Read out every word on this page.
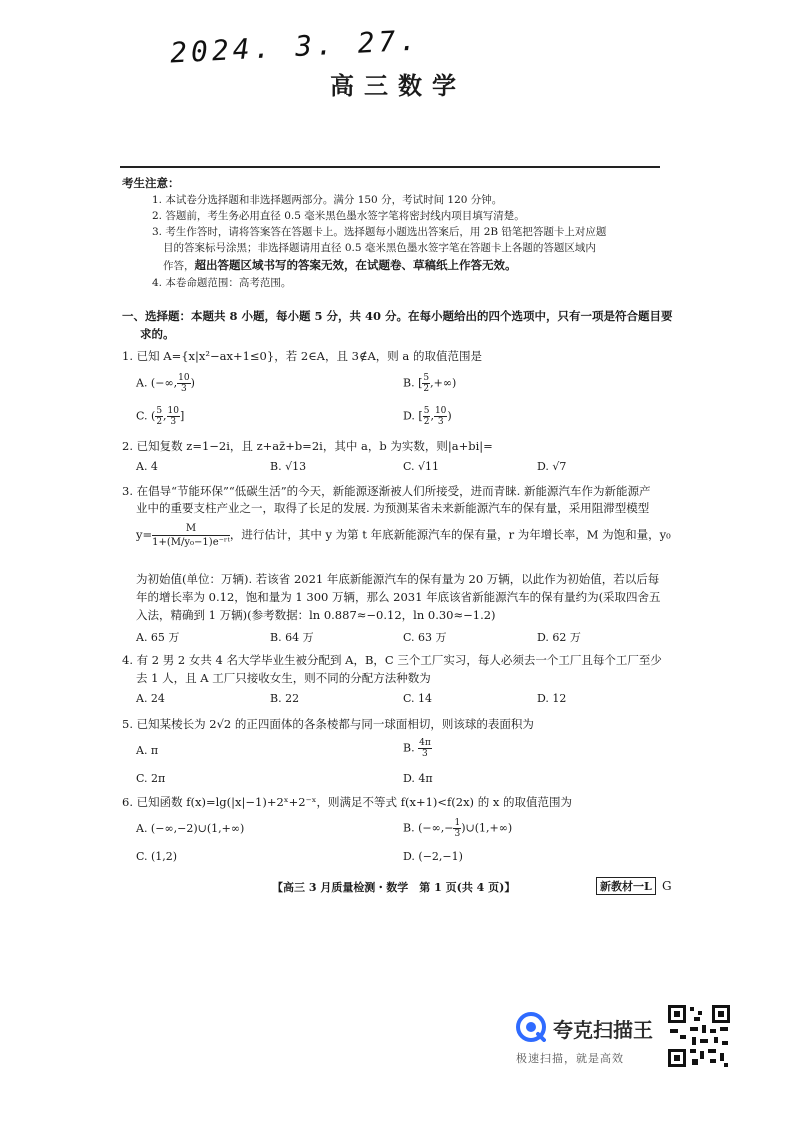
2024. 3. 27.
高三数学
考生注意：
1. 本试卷分选择题和非选择题两部分。满分 150 分，考试时间 120 分钟。
2. 答题前，考生务必用直径 0.5 毫米黑色墨水签字笔将密封线内项目填写清楚。
3. 考生作答时，请将答案答在答题卡上。选择题每小题选出答案后，用 2B 铅笔把答题卡上对应题
目的答案标号涂黑；非选择题请用直径 0.5 毫米黑色墨水签字笔在答题卡上各题的答题区域内
作答，超出答题区域书写的答案无效，在试题卷、草稿纸上作答无效。
4. 本卷命题范围：高考范围。
一、选择题：本题共 8 小题，每小题 5 分，共 40 分。在每小题给出的四个选项中，只有一项是符合题目要
求的。
1. 已知 A={x|x²−ax+1≤0}，若 2∈A，且 3∉A，则 a 的取值范围是
A. (−∞, $\frac{10}{3}$ )	B. [ $\frac{5}{2}$ ,+∞)
C. ( $\frac{5}{2}$ , $\frac{10}{3}$ ]	D. [ $\frac{5}{2}$ , $\frac{10}{3}$ )
2. 已知复数 z=1−2i，且 z+az̄+b=2i，其中 a，b 为实数，则|a+bi|=
A. 4	B. √13	C. √11	D. √7
3. 在倡导“节能环保”“低碳生活”的今天，新能源逐渐被人们所接受，进而青睐. 新能源汽车作为新能源产
业中的重要支柱产业之一，取得了长足的发展. 为预测某省未来新能源汽车的保有量，采用阻滞型模型
$y= \frac{M}{\text{1+(M/y₀−1)e⁻ʳᵗ}}$ ，进行估计，其中 y 为第 t 年底新能源汽车的保有量，r 为年增长率，M 为饱和量，y₀
为初始值(单位：万辆). 若该省 2021 年底新能源汽车的保有量为 20 万辆，以此作为初始值，若以后每
年的增长率为 0.12，饱和量为 1 300 万辆，那么 2031 年底该省新能源汽车的保有量约为(采取四舍五
入法，精确到 1 万辆)(参考数据：ln 0.887≈−0.12，ln 0.30≈−1.2)
A. 65 万	B. 64 万	C. 63 万	D. 62 万
4. 有 2 男 2 女共 4 名大学毕业生被分配到 A，B，C 三个工厂实习，每人必须去一个工厂且每个工厂至少
去 1 人，且 A 工厂只接收女生，则不同的分配方法种数为
A. 24	B. 22	C. 14	D. 12
5. 已知某棱长为 2√2 的正四面体的各条棱都与同一球面相切，则该球的表面积为
A. π	B. $\frac{4\pi}{3}$
C. 2π	D. 4π
6. 已知函数 f(x)=lg(|x|−1)+2ˣ+2⁻ˣ，则满足不等式 f(x+1)<f(2x) 的 x 的取值范围为
A. (−∞,−2)∪(1,+∞)	B. (−∞,− $\frac{1}{3}$ )∪(1,+∞)
C. (1,2)	D. (−2,−1)
【高三 3 月质量检测・数学　第 1 页(共 4 页)】	新教材一L G
夸克扫描王
极速扫描，就是高效
